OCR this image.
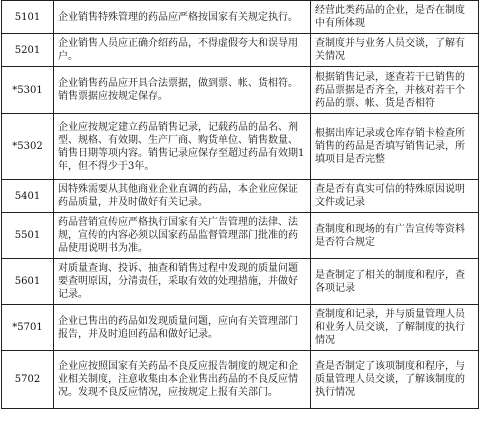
5101	企业销售特殊管理的药品应严格按国家有关规定执行。	经营此类药品的企业，是否在制度中有所体现
5201	企业销售人员应正确介绍药品，不得虚假夸大和误导用户。	查制度并与业务人员交谈，了解有关情况
*5301	企业销售药品应开具合法票据，做到票、帐、货相符。销售票据应按规定保存。	根据销售记录，逐查若干已销售的药品票据是否齐全，并核对若干个药品的票、帐、货是否相符
*5302	企业应按规定建立药品销售记录，记载药品的品名、剂型、规格、有效期、生产厂商、购货单位、销售数量、销售日期等项内容。销售记录应保存至超过药品有效期1年，但不得少于3年。	根据出库记录或仓库存销卡检查所销售的药品是否填写销售记录，所填项目是否完整
5401	因特殊需要从其他商业企业直调的药品，本企业应保证药品质量，并及时做好有关记录。	查是否有真实可信的特殊原因说明文件或记录
5501	药品营销宣传应严格执行国家有关广告管理的法律、法规，宣传的内容必须以国家药品监督管理部门批准的药品使用说明书为准。	查制度和现场的有广告宣传等资料是否符合规定
5601	对质量查询、投诉、抽查和销售过程中发现的质量问题要查明原因，分清责任，采取有效的处理措施，并做好记录。	是查制定了相关的制度和程序，查各项记录
*5701	企业已售出的药品如发现质量问题，应向有关管理部门报告，并及时追回药品和做好记录。	查制度和记录，并与质量管理人员和业务人员交谈，了解制度的执行情况
5702	企业应按照国家有关药品不良反应报告制度的规定和企业相关制度，注意收集由本企业售出药品的不良反应情况。发现不良反应情况，应按规定上报有关部门。	查是否制定了该项制度和程序，与质量管理人员交谈，了解该制度的执行情况
